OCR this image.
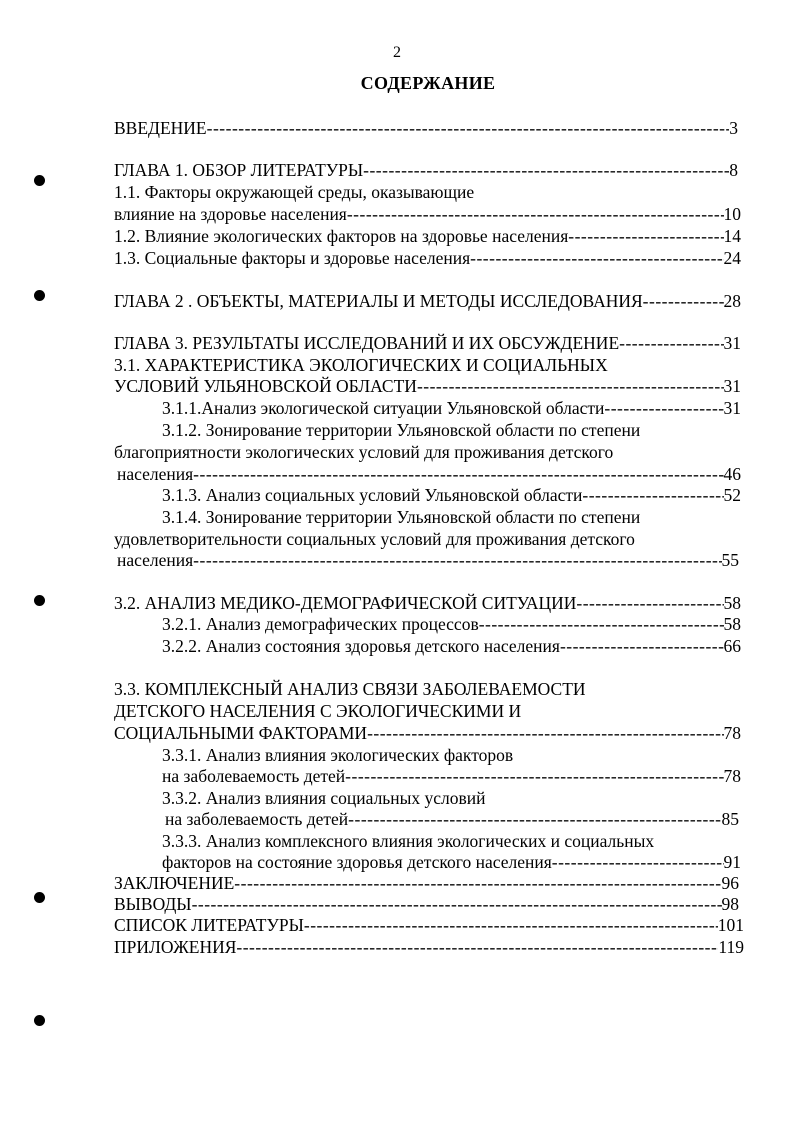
2
СОДЕРЖАНИЕ
ВВЕДЕНИЕ -----	3
ГЛАВА 1. ОБЗОР ЛИТЕРАТУРЫ -----	8
1.1. Факторы окружающей среды, оказывающие
влияние на здоровье населения -----	10
1.2. Влияние экологических факторов на здоровье населения -----	14
1.3. Социальные факторы и здоровье населения -----	24
ГЛАВА 2 . ОБЪЕКТЫ, МАТЕРИАЛЫ И МЕТОДЫ ИССЛЕДОВАНИЯ -----	28
ГЛАВА 3. РЕЗУЛЬТАТЫ ИССЛЕДОВАНИЙ И ИХ ОБСУЖДЕНИЕ -----	31
3.1. ХАРАКТЕРИСТИКА ЭКОЛОГИЧЕСКИХ И СОЦИАЛЬНЫХ
УСЛОВИЙ УЛЬЯНОВСКОЙ ОБЛАСТИ -----	31
3.1.1.Анализ экологической ситуации Ульяновской области -----	31
3.1.2. Зонирование территории Ульяновской области по степени
благоприятности экологических условий для проживания детского
населения -----	46
3.1.3. Анализ социальных условий Ульяновской области -----	52
3.1.4. Зонирование территории Ульяновской области по степени
удовлетворительности социальных условий для проживания детского
населения -----	55
3.2. АНАЛИЗ МЕДИКО-ДЕМОГРАФИЧЕСКОЙ СИТУАЦИИ -----	58
3.2.1. Анализ демографических процессов -----	58
3.2.2. Анализ состояния здоровья детского населения -----	66
3.3. КОМПЛЕКСНЫЙ АНАЛИЗ СВЯЗИ ЗАБОЛЕВАЕМОСТИ
ДЕТСКОГО НАСЕЛЕНИЯ С ЭКОЛОГИЧЕСКИМИ И
СОЦИАЛЬНЫМИ ФАКТОРАМИ -----	78
3.3.1. Анализ влияния экологических факторов
на заболеваемость детей -----	78
3.3.2. Анализ влияния социальных условий
на заболеваемость детей -----	85
3.3.3. Анализ комплексного влияния экологических и социальных
факторов на состояние здоровья детского населения -----	91
ЗАКЛЮЧЕНИЕ -----	96
ВЫВОДЫ -----	98
СПИСОК ЛИТЕРАТУРЫ -----	101
ПРИЛОЖЕНИЯ -----	119
